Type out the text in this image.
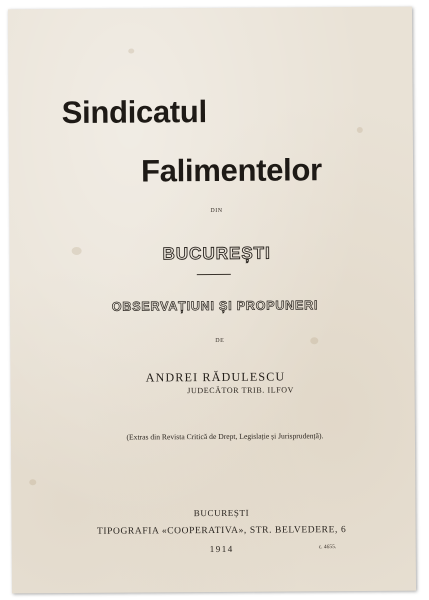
Sindicatul
Falimentelor
DIN
BUCUREȘTI
OBSERVAȚIUNI ȘI PROPUNERI
DE
ANDREI RĂDULESCU
JUDECĂTOR TRIB. ILFOV
(Extras din Revista Critică de Drept, Legislație și Jurisprudență).
BUCUREȘTI
TIPOGRAFIA «COOPERATIVA», STR. BELVEDERE, 6
1914	c. 4655.
